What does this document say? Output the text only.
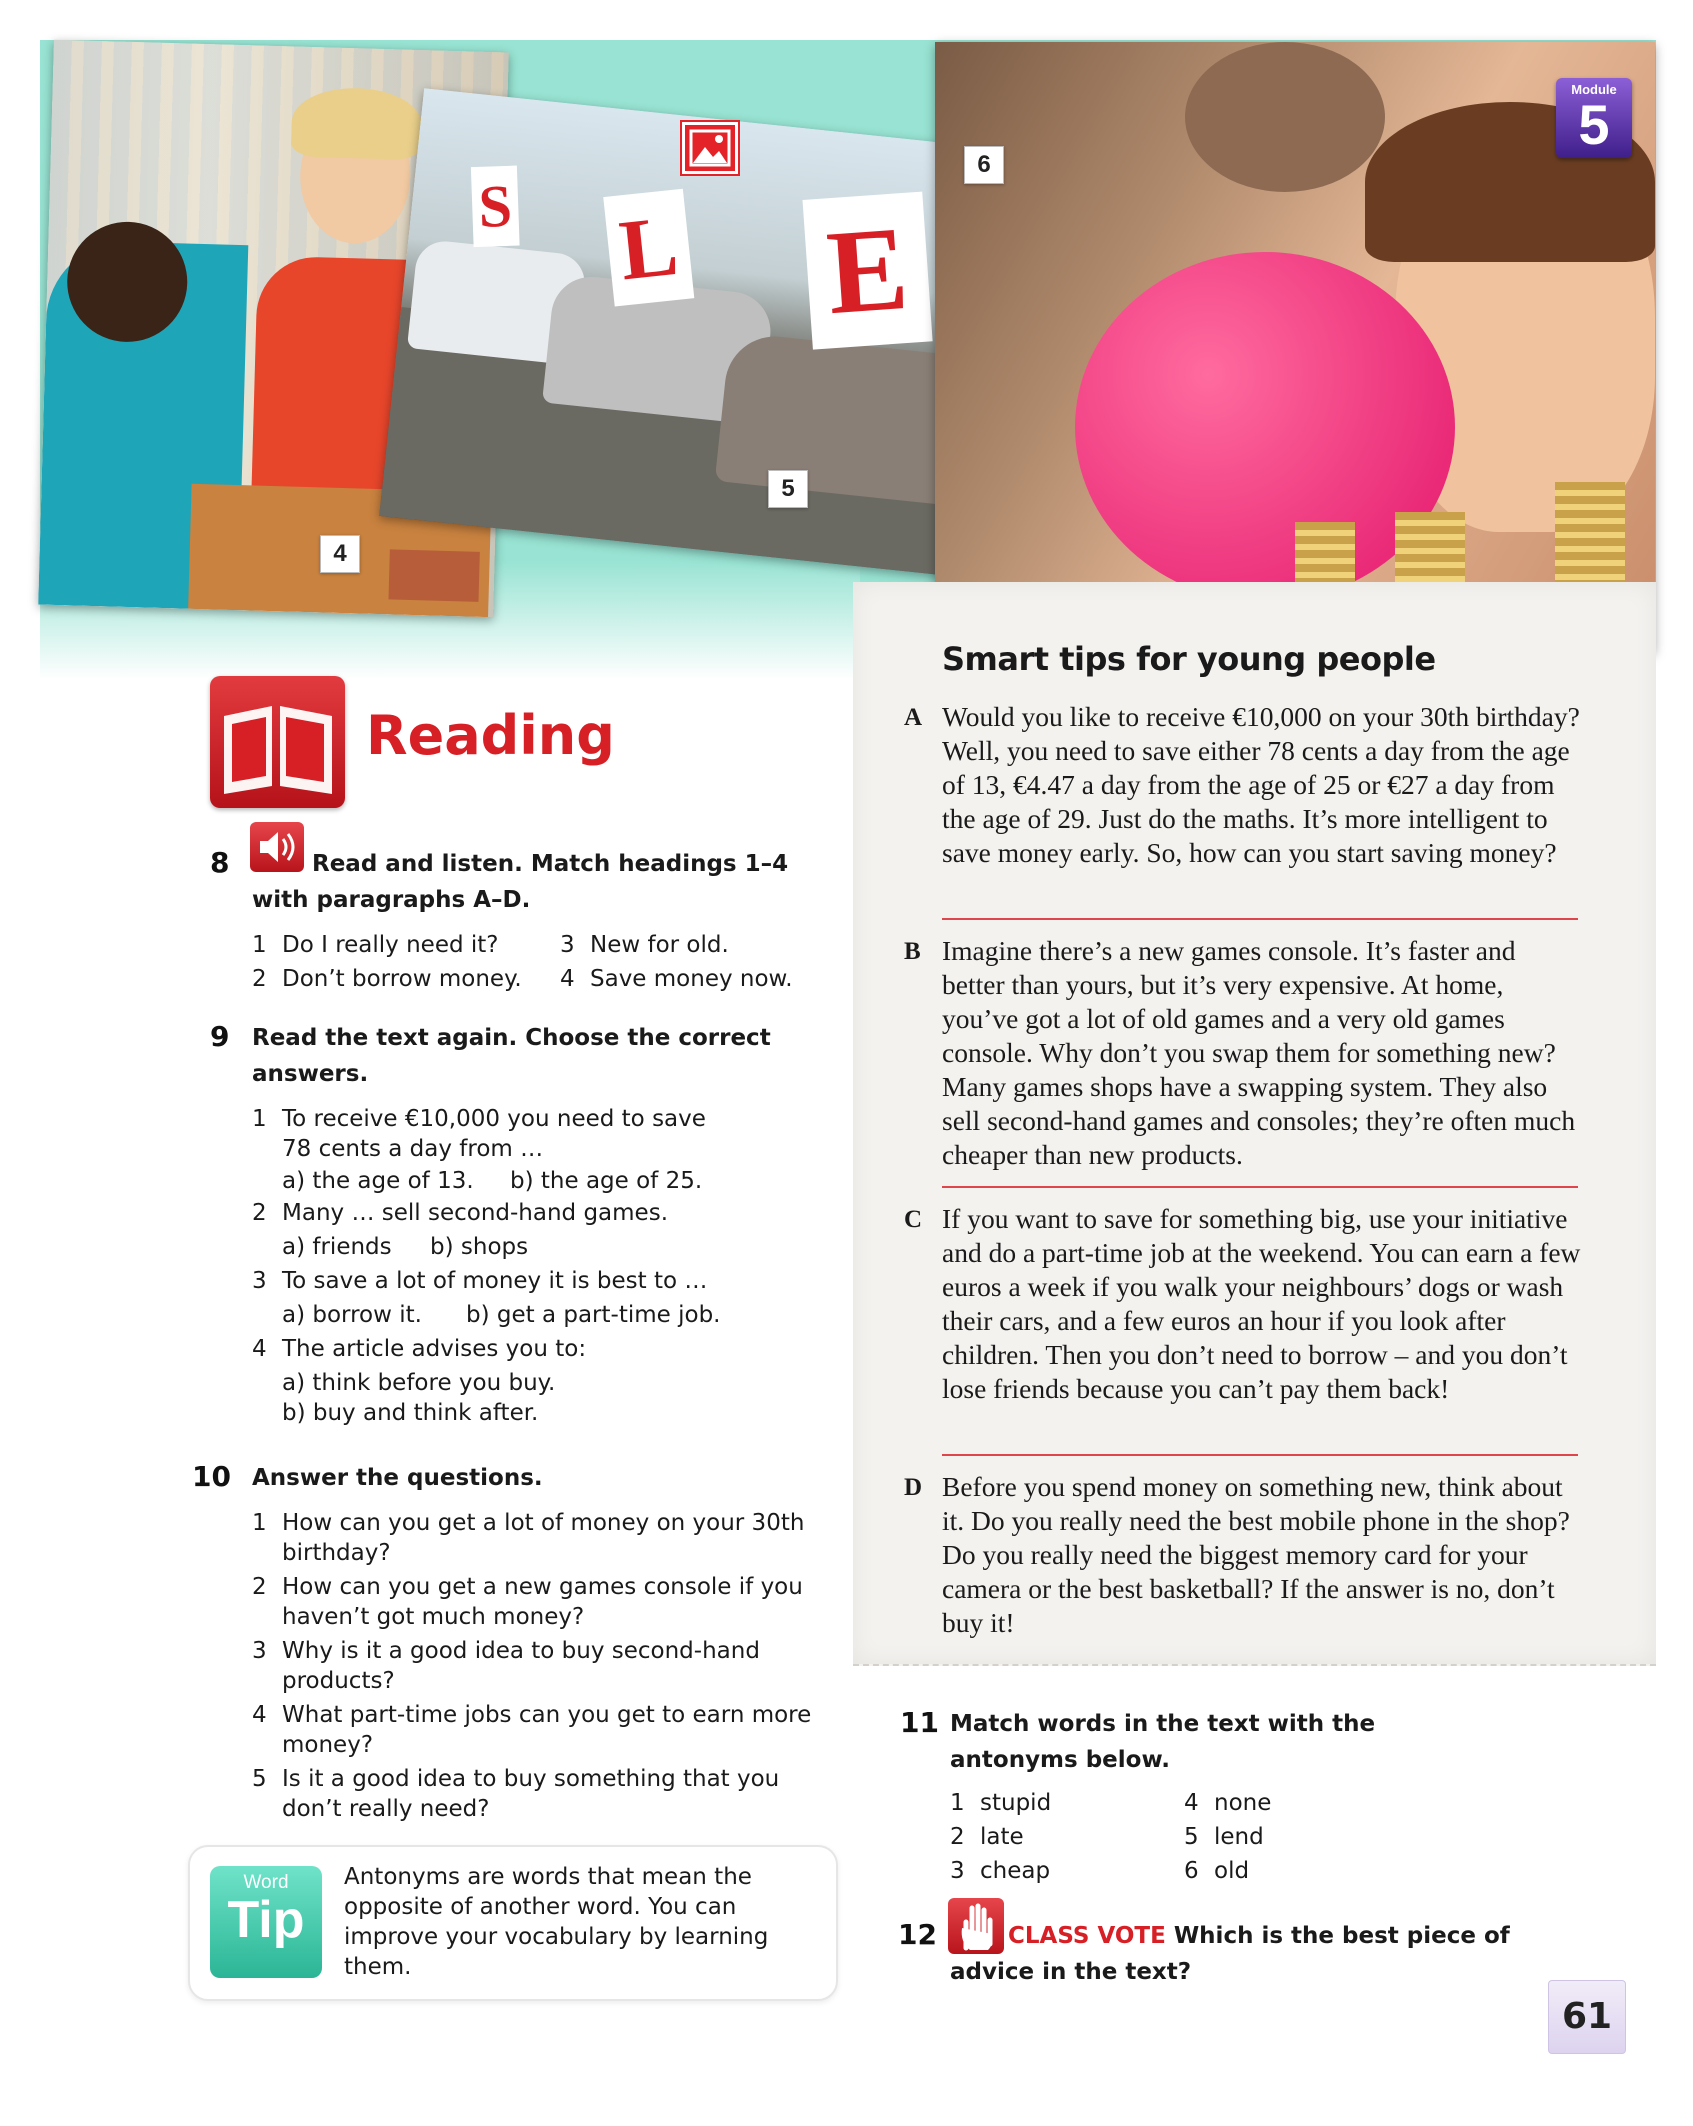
S L E
4
5
6
Module
5
Reading
8	Read and listen. Match headings 1–4 with paragraphs A–D.
1 Do I really need it?
2 Don’t borrow money.
3 New for old.
4 Save money now.
9 Read the text again. Choose the correct answers.
1 To receive €10,000 you need to save
78 cents a day from …
a) the age of 13. b) the age of 25.
2 Many … sell second-hand games.
a) friends b) shops
3 To save a lot of money it is best to …
a) borrow it. b) get a part-time job.
4 The article advises you to:
a) think before you buy.
b) buy and think after.
10 Answer the questions.
1 How can you get a lot of money on your 30th birthday?
2 How can you get a new games console if you haven’t got much money?
3 Why is it a good idea to buy second-hand products?
4 What part-time jobs can you get to earn more money?
5 Is it a good idea to buy something that you don’t really need?
Word
Tip
Antonyms are words that mean the opposite of another word. You can improve your vocabulary by learning them.
Smart tips for young people
A Would you like to receive €10,000 on your 30th birthday? Well, you need to save either 78 cents a day from the age of 13, €4.47 a day from the age of 25 or €27 a day from the age of 29. Just do the maths. It’s more intelligent to save money early. So, how can you start saving money?
B Imagine there’s a new games console. It’s faster and better than yours, but it’s very expensive. At home, you’ve got a lot of old games and a very old games console. Why don’t you swap them for something new? Many games shops have a swapping system. They also sell second-hand games and consoles; they’re often much cheaper than new products.
C If you want to save for something big, use your initiative and do a part-time job at the weekend. You can earn a few euros a week if you walk your neighbours’ dogs or wash their cars, and a few euros an hour if you look after children. Then you don’t need to borrow – and you don’t lose friends because you can’t pay them back!
D Before you spend money on something new, think about it. Do you really need the best mobile phone in the shop? Do you really need the biggest memory card for your camera or the best basketball? If the answer is no, don’t buy it!
11 Match words in the text with the antonyms below.
1 stupid
2 late
3 cheap
4 none
5 lend
6 old
12	CLASS VOTE Which is the best piece of
advice in the text?
61
